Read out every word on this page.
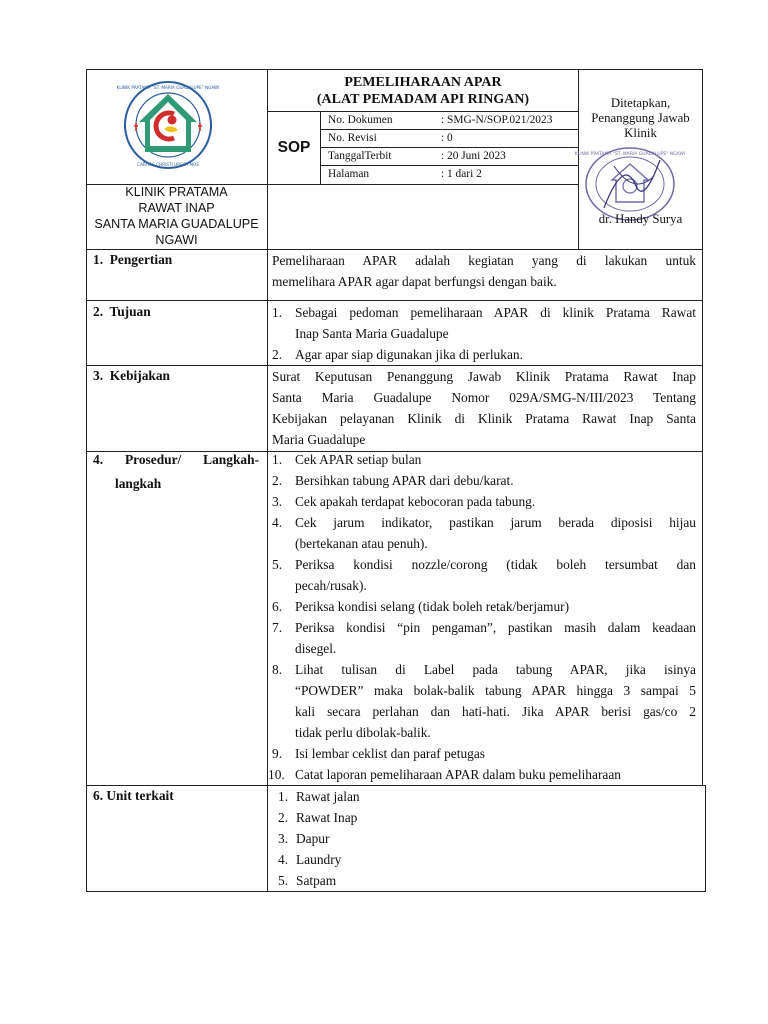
KLINIK PRATAMA "ST. MARIA GUADALUPE" NGAWI
CARITAS CHRISTI URGET NOS
PEMELIHARAAN APAR
(ALAT PEMADAM API RINGAN)
SOP
No. Dokumen	: SMG-N/SOP.021/2023
No. Revisi	: 0
TanggalTerbit	: 20 Juni 2023
Halaman	: 1 dari 2
Ditetapkan,
Penanggung Jawab
Klinik
KLINIK PRATAMA "ST. MARIA GUADALUPE" NGAWI
dr. Handy Surya
KLINIK PRATAMA
RAWAT INAP
SANTA MARIA GUADALUPE
NGAWI
1.  Pengertian	Pemeliharaan APAR adalah kegiatan yang di lakukan untuk
memelihara APAR agar dapat berfungsi dengan baik.
2.  Tujuan	1. Sebagai pedoman pemeliharaan APAR di klinik Pratama Rawat
Inap Santa Maria Guadalupe
2. Agar apar siap digunakan jika di perlukan.
3.  Kebijakan	Surat Keputusan Penanggung Jawab Klinik Pratama Rawat Inap
Santa Maria Guadalupe Nomor 029A/SMG-N/III/2023 Tentang
Kebijakan pelayanan Klinik di Klinik Pratama Rawat Inap Santa
Maria Guadalupe
4.  Prosedur/  Langkah-
langkah
1. Cek APAR setiap bulan
2. Bersihkan tabung APAR dari debu/karat.
3. Cek apakah terdapat kebocoran pada tabung.
4. Cek jarum indikator, pastikan jarum berada diposisi hijau
(bertekanan atau penuh).
5. Periksa kondisi nozzle/corong (tidak boleh tersumbat dan
pecah/rusak).
6. Periksa kondisi selang (tidak boleh retak/berjamur)
7. Periksa kondisi “pin pengaman”, pastikan masih dalam keadaan
disegel.
8. Lihat tulisan di Label pada tabung APAR, jika isinya
“POWDER” maka bolak-balik tabung APAR hingga 3 sampai 5
kali secara perlahan dan hati-hati. Jika APAR berisi gas/co 2
tidak perlu dibolak-balik.
9. Isi lembar ceklist dan paraf petugas
10. Catat laporan pemeliharaan APAR dalam buku pemeliharaan
6. Unit terkait	1. Rawat jalan
2. Rawat Inap
3. Dapur
4. Laundry
5. Satpam
